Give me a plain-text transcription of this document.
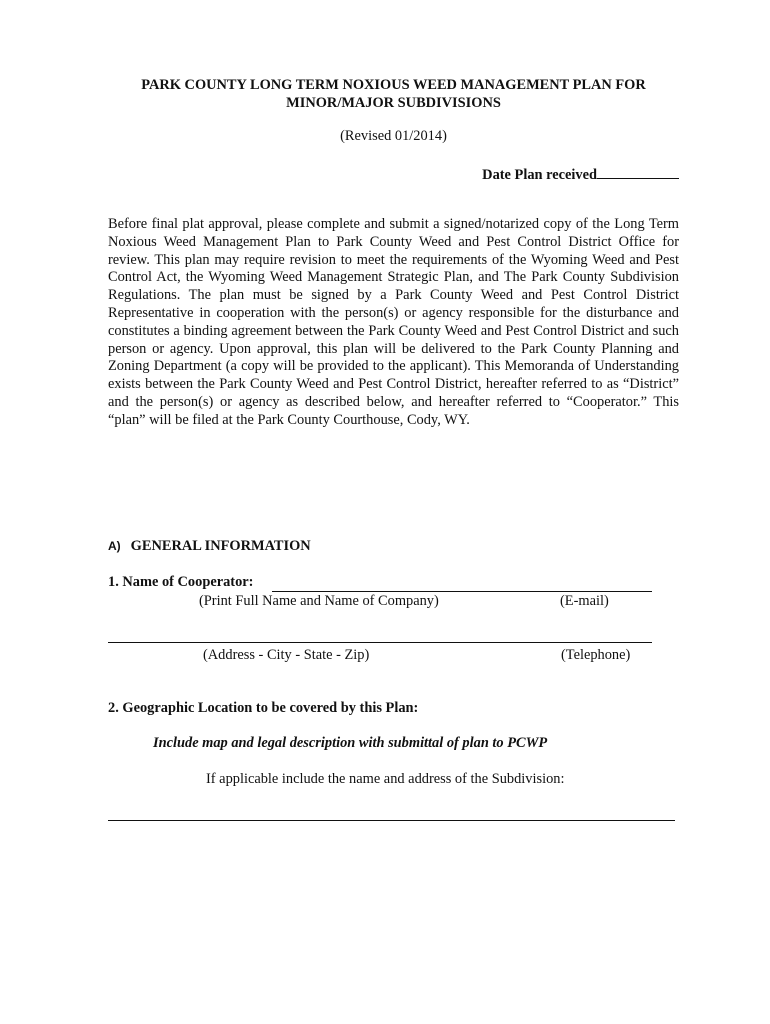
PARK COUNTY LONG TERM NOXIOUS WEED MANAGEMENT PLAN FOR
MINOR/MAJOR SUBDIVISIONS
(Revised 01/2014)
Date Plan received

Before final plat approval, please complete and submit a signed/notarized copy of the Long Term Noxious Weed Management Plan to Park County Weed and Pest Control District Office for review. This plan may require revision to meet the requirements of the Wyoming Weed and Pest Control Act, the Wyoming Weed Management Strategic Plan, and The Park County Subdivision Regulations. The plan must be signed by a Park County Weed and Pest Control District Representative in cooperation with the person(s) or agency responsible for the disturbance and constitutes a binding agreement between the Park County Weed and Pest Control District and such person or agency. Upon approval, this plan will be delivered to the Park County Planning and Zoning Department (a copy will be provided to the applicant). This Memoranda of Understanding exists between the Park County Weed and Pest Control District, hereafter referred to as “District” and the person(s) or agency as described below, and hereafter referred to “Cooperator.” This “plan” will be filed at the Park County Courthouse, Cody, WY.

A) GENERAL INFORMATION
1. Name of Cooperator:
(Print Full Name and Name of Company)	(E-mail)
(Address - City - State - Zip)	(Telephone)
2. Geographic Location to be covered by this Plan:
Include map and legal description with submittal of plan to PCWP
If applicable include the name and address of the Subdivision:
